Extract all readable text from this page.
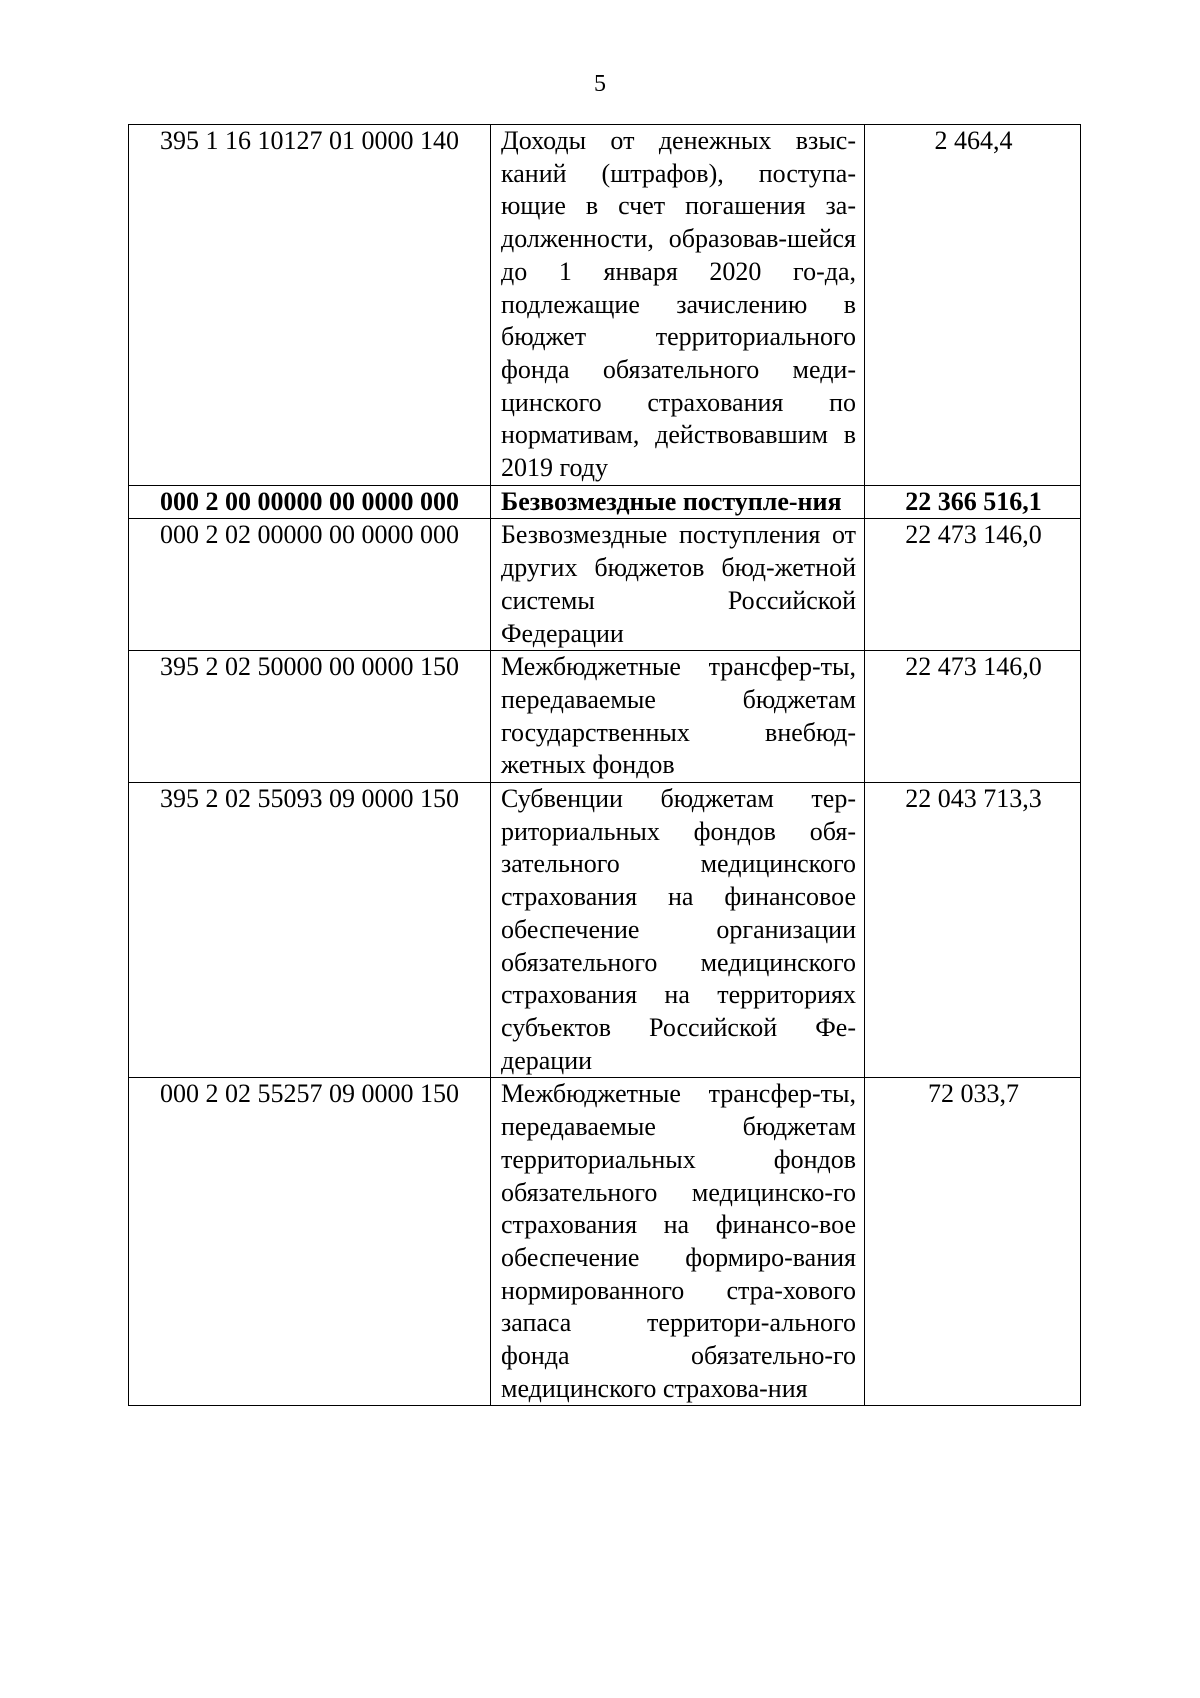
5
395 1 16 10127 01 0000 140	Доходы от денежных взыс-каний (штрафов), поступа-ющие в счет погашения за-долженности, образовав-шейся до 1 января 2020 го-да, подлежащие зачислению в бюджет территориального фонда обязательного меди-цинского страхования по нормативам, действовавшим в 2019 году	2 464,4
000 2 00 00000 00 0000 000	Безвозмездные поступле-ния	22 366 516,1
000 2 02 00000 00 0000 000	Безвозмездные поступления от других бюджетов бюд-жетной системы Российской Федерации	22 473 146,0
395 2 02 50000 00 0000 150	Межбюджетные трансфер-ты, передаваемые бюджетам государственных внебюд-жетных фондов	22 473 146,0
395 2 02 55093 09 0000 150	Субвенции бюджетам тер-риториальных фондов обя-зательного медицинского страхования на финансовое обеспечение организации обязательного медицинского страхования на территориях субъектов Российской Фе-дерации	22 043 713,3
000 2 02 55257 09 0000 150	Межбюджетные трансфер-ты, передаваемые бюджетам территориальных фондов обязательного медицинско-го страхования на финансо-вое обеспечение формиро-вания нормированного стра-хового запаса территори-ального фонда обязательно-го медицинского страхова-ния	72 033,7
